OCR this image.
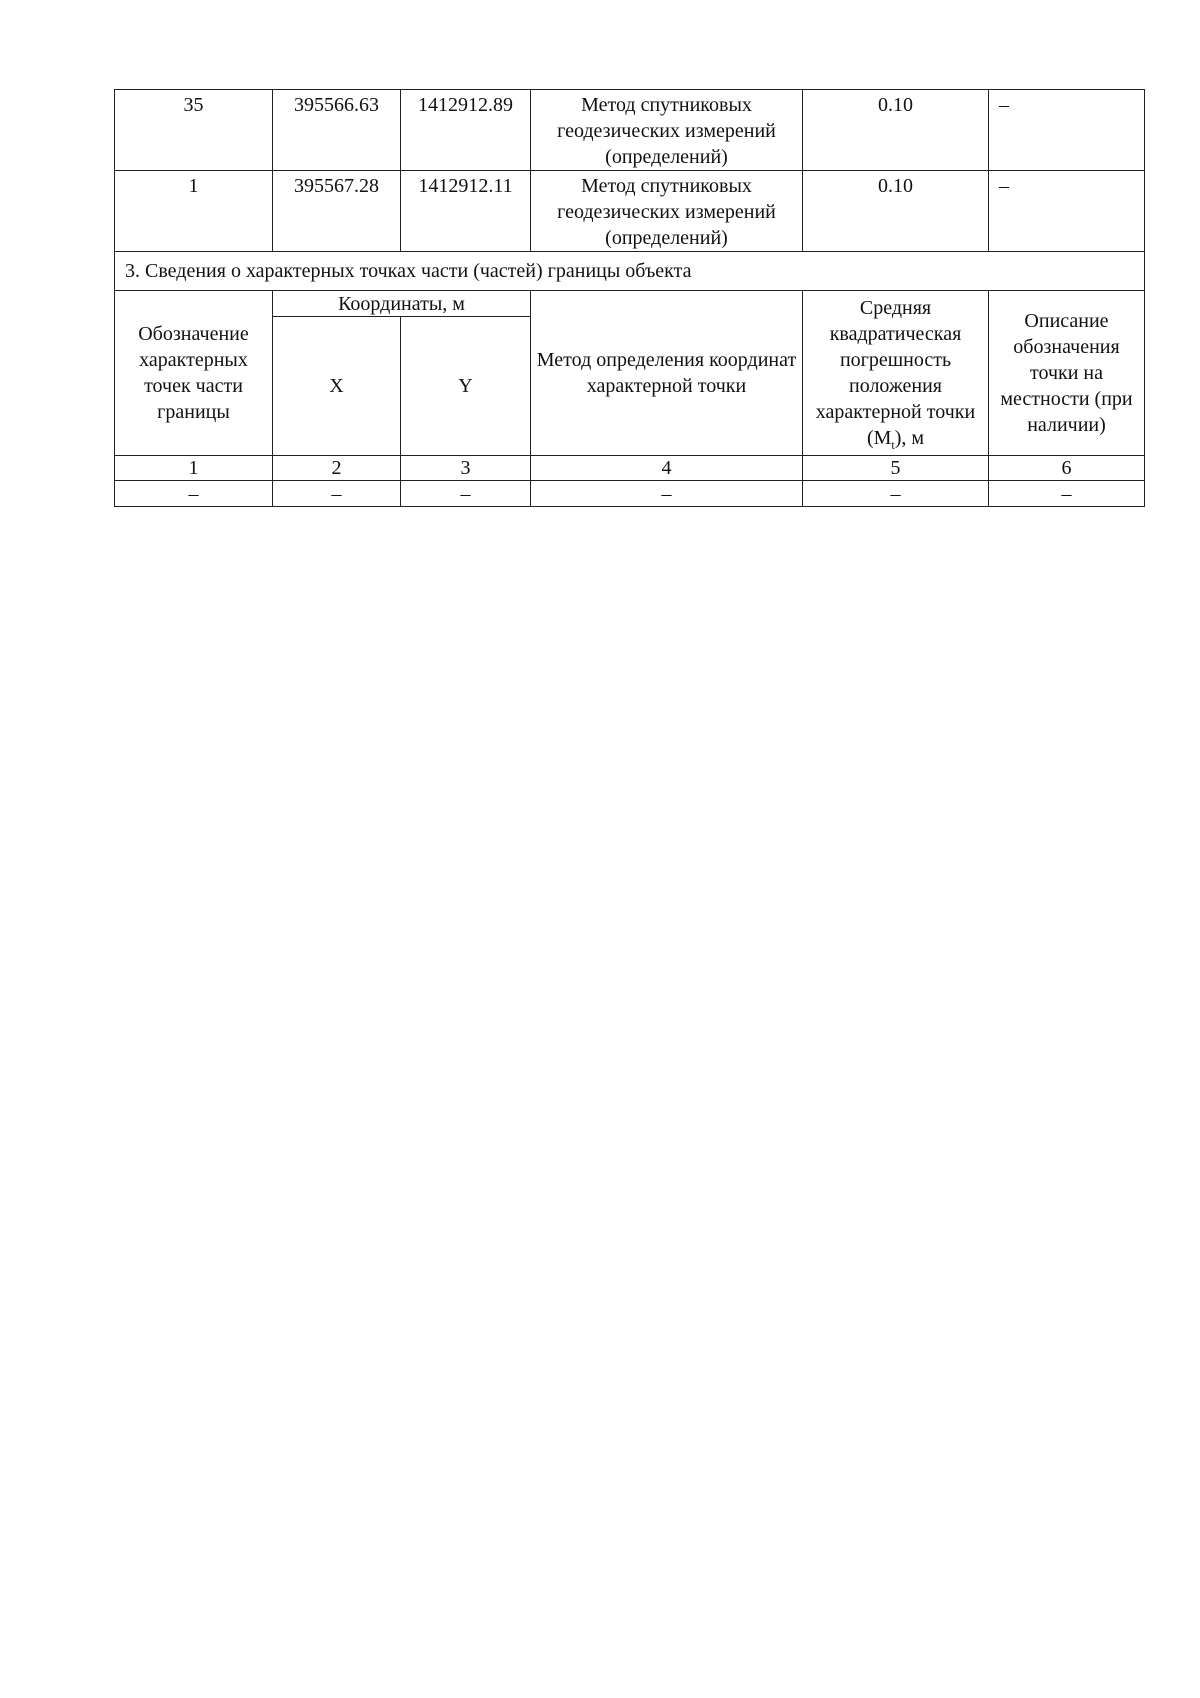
35	395566.63	1412912.89	Метод спутниковых геодезических измерений (определений)	0.10	–
1	395567.28	1412912.11	Метод спутниковых геодезических измерений (определений)	0.10	–
3. Сведения о характерных точках части (частей) границы объекта					
Обозначение характерных точек части границы	Координаты, м		Метод определения координат характерной точки	Средняя квадратическая погрешность положения характерной точки $(M_t)$, м	Описание обозначения точки на местности (при наличии)
	X	Y			
1	2	3	4	5	6
–	–	–	–	–	–
